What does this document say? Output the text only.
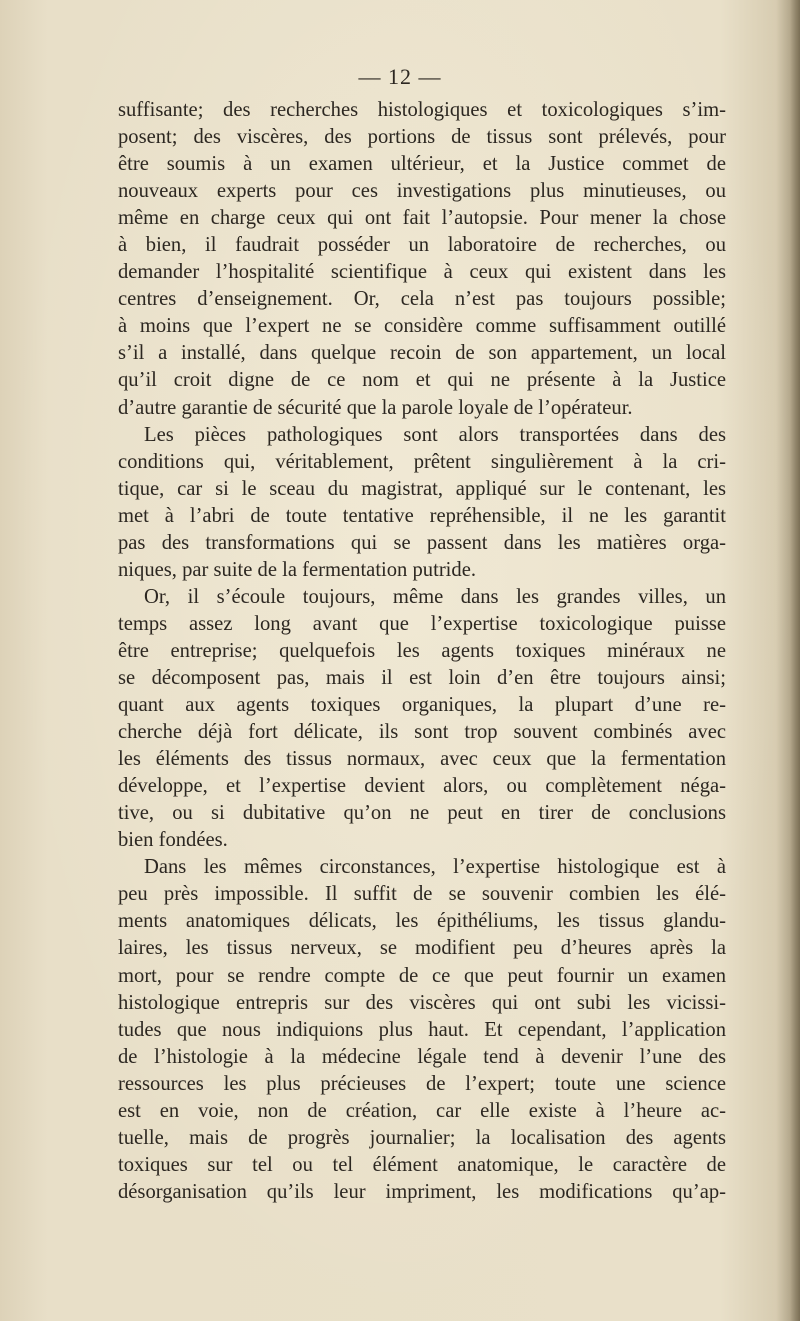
— 12 —
suffisante; des recherches histologiques et toxicologiques s’im-
posent; des viscères, des portions de tissus sont prélevés, pour
être soumis à un examen ultérieur, et la Justice commet de
nouveaux experts pour ces investigations plus minutieuses, ou
même en charge ceux qui ont fait l’autopsie. Pour mener la chose
à bien, il faudrait posséder un laboratoire de recherches, ou
demander l’hospitalité scientifique à ceux qui existent dans les
centres d’enseignement. Or, cela n’est pas toujours possible;
à moins que l’expert ne se considère comme suffisamment outillé
s’il a installé, dans quelque recoin de son appartement, un local
qu’il croit digne de ce nom et qui ne présente à la Justice
d’autre garantie de sécurité que la parole loyale de l’opérateur.
Les pièces pathologiques sont alors transportées dans des
conditions qui, véritablement, prêtent singulièrement à la cri-
tique, car si le sceau du magistrat, appliqué sur le contenant, les
met à l’abri de toute tentative repréhensible, il ne les garantit
pas des transformations qui se passent dans les matières orga-
niques, par suite de la fermentation putride.
Or, il s’écoule toujours, même dans les grandes villes, un
temps assez long avant que l’expertise toxicologique puisse
être entreprise; quelquefois les agents toxiques minéraux ne
se décomposent pas, mais il est loin d’en être toujours ainsi;
quant aux agents toxiques organiques, la plupart d’une re-
cherche déjà fort délicate, ils sont trop souvent combinés avec
les éléments des tissus normaux, avec ceux que la fermentation
développe, et l’expertise devient alors, ou complètement néga-
tive, ou si dubitative qu’on ne peut en tirer de conclusions
bien fondées.
Dans les mêmes circonstances, l’expertise histologique est à
peu près impossible. Il suffit de se souvenir combien les élé-
ments anatomiques délicats, les épithéliums, les tissus glandu-
laires, les tissus nerveux, se modifient peu d’heures après la
mort, pour se rendre compte de ce que peut fournir un examen
histologique entrepris sur des viscères qui ont subi les vicissi-
tudes que nous indiquions plus haut. Et cependant, l’application
de l’histologie à la médecine légale tend à devenir l’une des
ressources les plus précieuses de l’expert; toute une science
est en voie, non de création, car elle existe à l’heure ac-
tuelle, mais de progrès journalier; la localisation des agents
toxiques sur tel ou tel élément anatomique, le caractère de
désorganisation qu’ils leur impriment, les modifications qu’ap-
